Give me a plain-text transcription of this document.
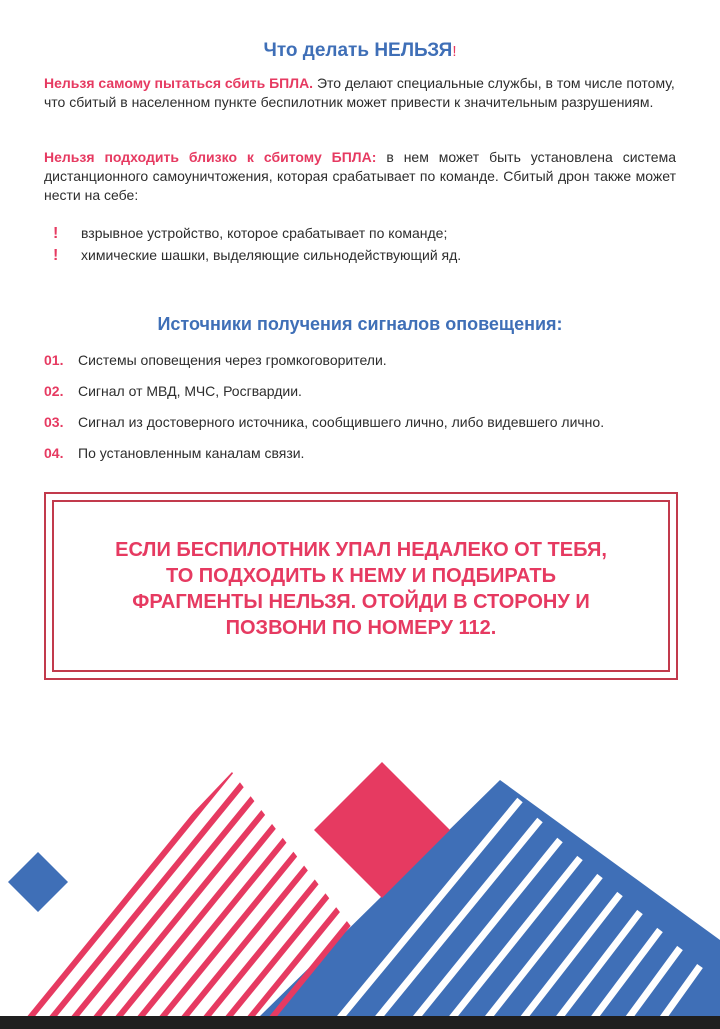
Что делать НЕЛЬЗЯ!
Нельзя самому пытаться сбить БПЛА. Это делают специальные службы, в том числе потому, что сбитый в населенном пункте беспилотник может привести к значительным разрушениям.
Нельзя подходить близко к сбитому БПЛА: в нем может быть установлена система дистанционного самоуничтожения, которая срабатывает по команде. Сбитый дрон также может нести на себе:
!	взрывное устройство, которое срабатывает по команде;
!	химические шашки, выделяющие сильнодействующий яд.
Источники получения сигналов оповещения:
01.	Системы оповещения через громкоговорители.
02.	Сигнал от МВД, МЧС, Росгвардии.
03.	Сигнал из достоверного источника, сообщившего лично, либо видевшего лично.
04.	По установленным каналам связи.
ЕСЛИ БЕСПИЛОТНИК УПАЛ НЕДАЛЕКО ОТ ТЕБЯ,
ТО ПОДХОДИТЬ К НЕМУ И ПОДБИРАТЬ
ФРАГМЕНТЫ НЕЛЬЗЯ. ОТОЙДИ В СТОРОНУ И
ПОЗВОНИ ПО НОМЕРУ 112.
